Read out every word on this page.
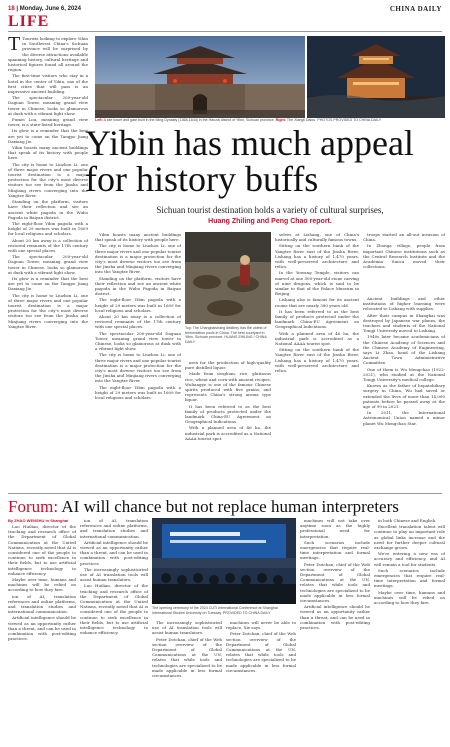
18 | Monday, June 6, 2024
LIFE
CHINA DAILY

T Tourists looking to explore Yibin in Southwest China's Sichuan province will be surprised by the diverse attractions available spanning history, cultural heritage and historical figures found all around the region.

The first-time visitors who stay in a hotel in the center of Yibin, one of the first cities that will pass is an impressive ancient building.

The spectacular 200-year-old Daguan Tower, meaning grand view tower in Chinese, looks so glamorous at dusk with a vibrant light show.

Pumei Lou, meaning grand view tower, is a state-listed heritage.

Its glow is a reminder that the best are yet to come on the Tangpo Jiang Daxiang Jie.

Yibin boasts many ancient buildings that speak of its history with people here.

The city is home to Liuzhou Li, one of three major rivers and one popular tourist destination is a major protection for the city's most diverse visitors too see from the Jinsha and Minjiang rivers converging into the Yangtze River.

Standing on the platform, visitors have their reflection and see an ancient white pagoda in the Wubo Pagoda in Baiyan district.

The eight-floor Yibin pagoda with a height of 29 meters was built in 1609 for local religious and scholars.

About 20 km away is a collection of restored remnants of the 17th century with one special places.

The spectacular 200-year-old Daguan Tower, meaning grand view tower in Chinese, looks so glamorous at dusk with a vibrant light show.

Its glow is a reminder that the best are yet to come on the Tangpo Jiang Daxiang Jie.

The city is home to Liuzhou Li, one of three major rivers and one popular tourist destination is a major protection for the city's most diverse visitors too see from the Jinsha and Minjiang rivers converging into the Yangtze River.

Left: A site tower and gate built in the Ming Dynasty (1368-1644) in the Hanzai district of Yibin, Sichuan province. Right: The Xiangli Dalou. PHOTOS PROVIDED TO CHINA DAILY
Yibin has much appeal for history buffs
Sichuan tourist destination holds a variety of cultural surprises,
Huang Zhiling and Peng Chao report.

Yibin boasts many ancient buildings that speak of its history with people here.

The city is home to Liuzhou Li, one of three major rivers and one popular tourist destination is a major protection for the city's most diverse visitors too see from the Jinsha and Minjiang rivers converging into the Yangtze River.

Standing on the platform, visitors have their reflection and see an ancient white pagoda in the Wubo Pagoda in Baiyan district.

The eight-floor Yibin pagoda with a height of 29 meters was built in 1609 for local religious and scholars.

About 20 km away is a collection of restored remnants of the 17th century with one special places.

The spectacular 200-year-old Daguan Tower, meaning grand view tower in Chinese, looks so glamorous at dusk with a vibrant light show.

The city is home to Liuzhou Li, one of three major rivers and one popular tourist destination is a major protection for the city's most diverse visitors too see from the Jinsha and Minjiang rivers converging into the Yangtze River.

The eight-floor Yibin pagoda with a height of 29 meters was built in 1609 for local religious and scholars.

Top: The Changbaishang distillery has the oldest of fermentation pools in China. The best courtyard in Yibin, Sichuan province. HUANG ZHILING / CHINA DAILY

area for the production of high-quality pure distilled liquor.

Made from sorghum, rice, glutinous rice, wheat and corn with ancient recipes, Wuliangye is one of the famous Chinese spirits produced with five grains, and represents China's strong aroma type liquor.

It has been referred to as the best family of products protected under the landmark China-EU Agreement on Geographical Indications.

With a planned area of 46 ha, the industrial park is accredited as a National AAAA tourist spot.

selves at Lishang, one of China's historically and culturally famous towns.

Sitting on the southern bank of the Yangtze River east of the Jinsha River, Lishang has a history of 1,470 years, with well-preserved architecture and relics.

In the Yuwang Temple, visitors can marvel at one 300-year-old stone carving of nine dragons, which is said to be similar to that of the Palace Museum in Beijing.

Lishang also is famous for its ancient rooms that are nearly 380 years old.

It has been referred to as the best family of products protected under the landmark China-EU Agreement on Geographical Indications.

With a planned area of 46 ha, the industrial park is accredited as a National AAAA tourist spot.

Sitting on the southern bank of the Yangtze River east of the Jinsha River, Lishang has a history of 1,470 years, with well-preserved architecture and relics.

troops started an all-out invasion of China.

In Zhonga village, people from important Chinese institutions such as the Central Research Institute and the Academia Sinica moved their collections.

Ancient buildings and other institutions of higher learning were relocated to Lishang with supplies.

After their campus in Shanghai was destroyed by Japanese war planes, the teachers and students of the National Tongji University moved to Lishang.

1940s later became academicians of the Chinese Academy of Sciences and the Chinese Academy of Engineering, says Li Zhao, head of the Lishang Ancient Town Administrative Committee.

One of them is Wu Mengchao (1922-2021), who studied at the National Tongji University's medical college.

Known as the father of hepatobiliary surgery in China, Wu had saved or extended the lives of more than 14,000 patients before he passed away at the age of 99 in 2021.

In 2011, the International Astronomical Union named a minor planet Wu Mengchao Star.

Forum: AI will chance but not replace human interpreters

By ZHAO WENSHU in Shanghai

Luo Huilian, director of the teaching and research office of the Department of Global Communication at the United Nations, recently noted that AI is considered one of the people to continue to seek excellence in their fields, but to use artificial intelligence technology to enhance efficiency.

Maybe over time, humans and machines will be relied on according to how they fare.

ion of AI, translation references and online platforms, and translation studies and international communication.

Artificial intelligence should be viewed as an opportunity rather than a threat, and can be used in combination with post-editing practices.

ion of AI, translation references and online platforms, and translation studies and international communication.

Artificial intelligence should be viewed as an opportunity rather than a threat, and can be used in combination with post-editing practices.

The increasingly sophisticated use of AI translation tools will assist human translators.

Luo Huilian, director of the teaching and research office of the Department of Global Communication at the United Nations, recently noted that AI is considered one of the people to continue to seek excellence in their fields, but to use artificial intelligence technology to enhance efficiency.

The opening ceremony of the 2024 CUTI International Conference at Shanghai International Studies University on Tuesday. PROVIDED TO CHINA DAILY

The increasingly sophisticated use of AI translation tools will assist human translators.

Peter Dotchan, chief of the Web section overview of the Department of Global Communications at the UN, relates that while tools and technologies are specialized to be made applicable in less formal circumstances.

machines will never be able to replace, Xie says.

Peter Dotchan, chief of the Web section overview of the Department of Global Communications at the UN, relates that while tools and technologies are specialized to be made applicable in less formal circumstances.

machines will not take over anytime soon as the highly professional need for interpretation.

Such scenarios include emergencies that require real-time interpretation and formal meetings.

Peter Dotchan, chief of the Web section overview of the Department of Global Communications at the UN, relates that while tools and technologies are specialized to be made applicable in less formal circumstances.

Artificial intelligence should be viewed as an opportunity rather than a threat, and can be used in combination with post-editing practices.

in both Chinese and English.

Excellent translation talent will continue to play an important role as global links increase and the need for further deeper cultural exchange grows.

We're entering a new era of accuracy and efficiency, and AI will remain a tool for students.

Such scenarios include emergencies that require real-time interpretation and formal meetings.

Maybe over time, humans and machines will be relied on according to how they fare.
